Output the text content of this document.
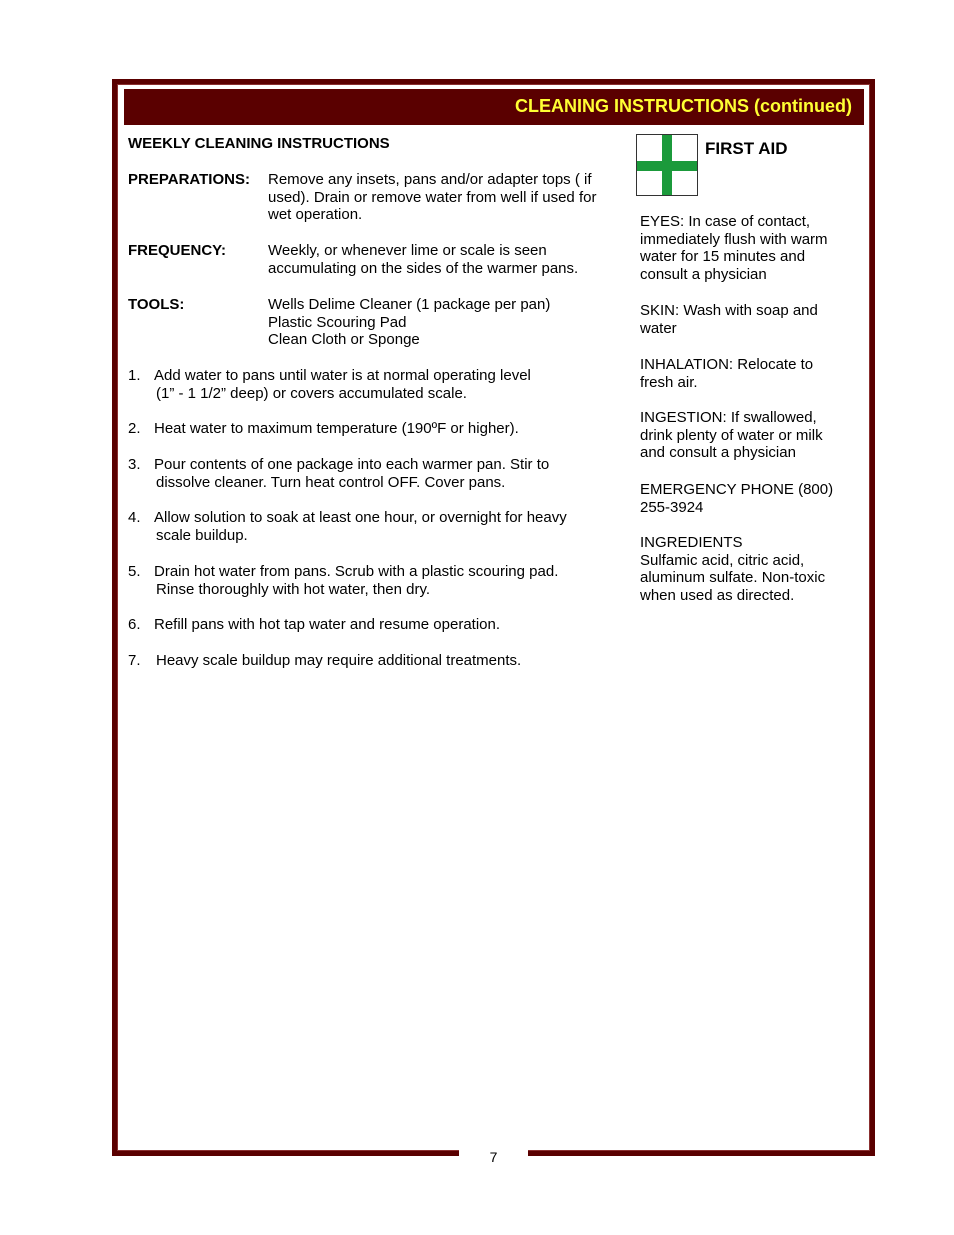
7
CLEANING INSTRUCTIONS (continued)
WEEKLY CLEANING INSTRUCTIONS
PREPARATIONS: Remove any insets, pans and/or adapter tops ( if
used). Drain or remove water from well if used for
wet operation.
FREQUENCY:	Weekly, or whenever lime or scale is seen
accumulating on the sides of the warmer pans.
TOOLS:	Wells Delime Cleaner (1 package per pan)
Plastic Scouring Pad
Clean Cloth or Sponge
1. Add water to pans until water is at normal operating level
(1” - 1 1/2” deep) or covers accumulated scale.
2. Heat water to maximum temperature (190ºF or higher).
3. Pour contents of one package into each warmer pan. Stir to
dissolve cleaner. Turn heat control OFF. Cover pans.
4. Allow solution to soak at least one hour, or overnight for heavy
scale buildup.
5. Drain hot water from pans. Scrub with a plastic scouring pad.
Rinse thoroughly with hot water, then dry.
6. Refill pans with hot tap water and resume operation.
7. Heavy scale buildup may require additional treatments.
FIRST AID
EYES: In case of contact,
immediately flush with warm
water for 15 minutes and
consult a physician
SKIN: Wash with soap and
water
INHALATION: Relocate to
fresh air.
INGESTION: If swallowed,
drink plenty of water or milk
and consult a physician
EMERGENCY PHONE (800)
255-3924
INGREDIENTS
Sulfamic acid, citric acid,
aluminum sulfate. Non-toxic
when used as directed.
